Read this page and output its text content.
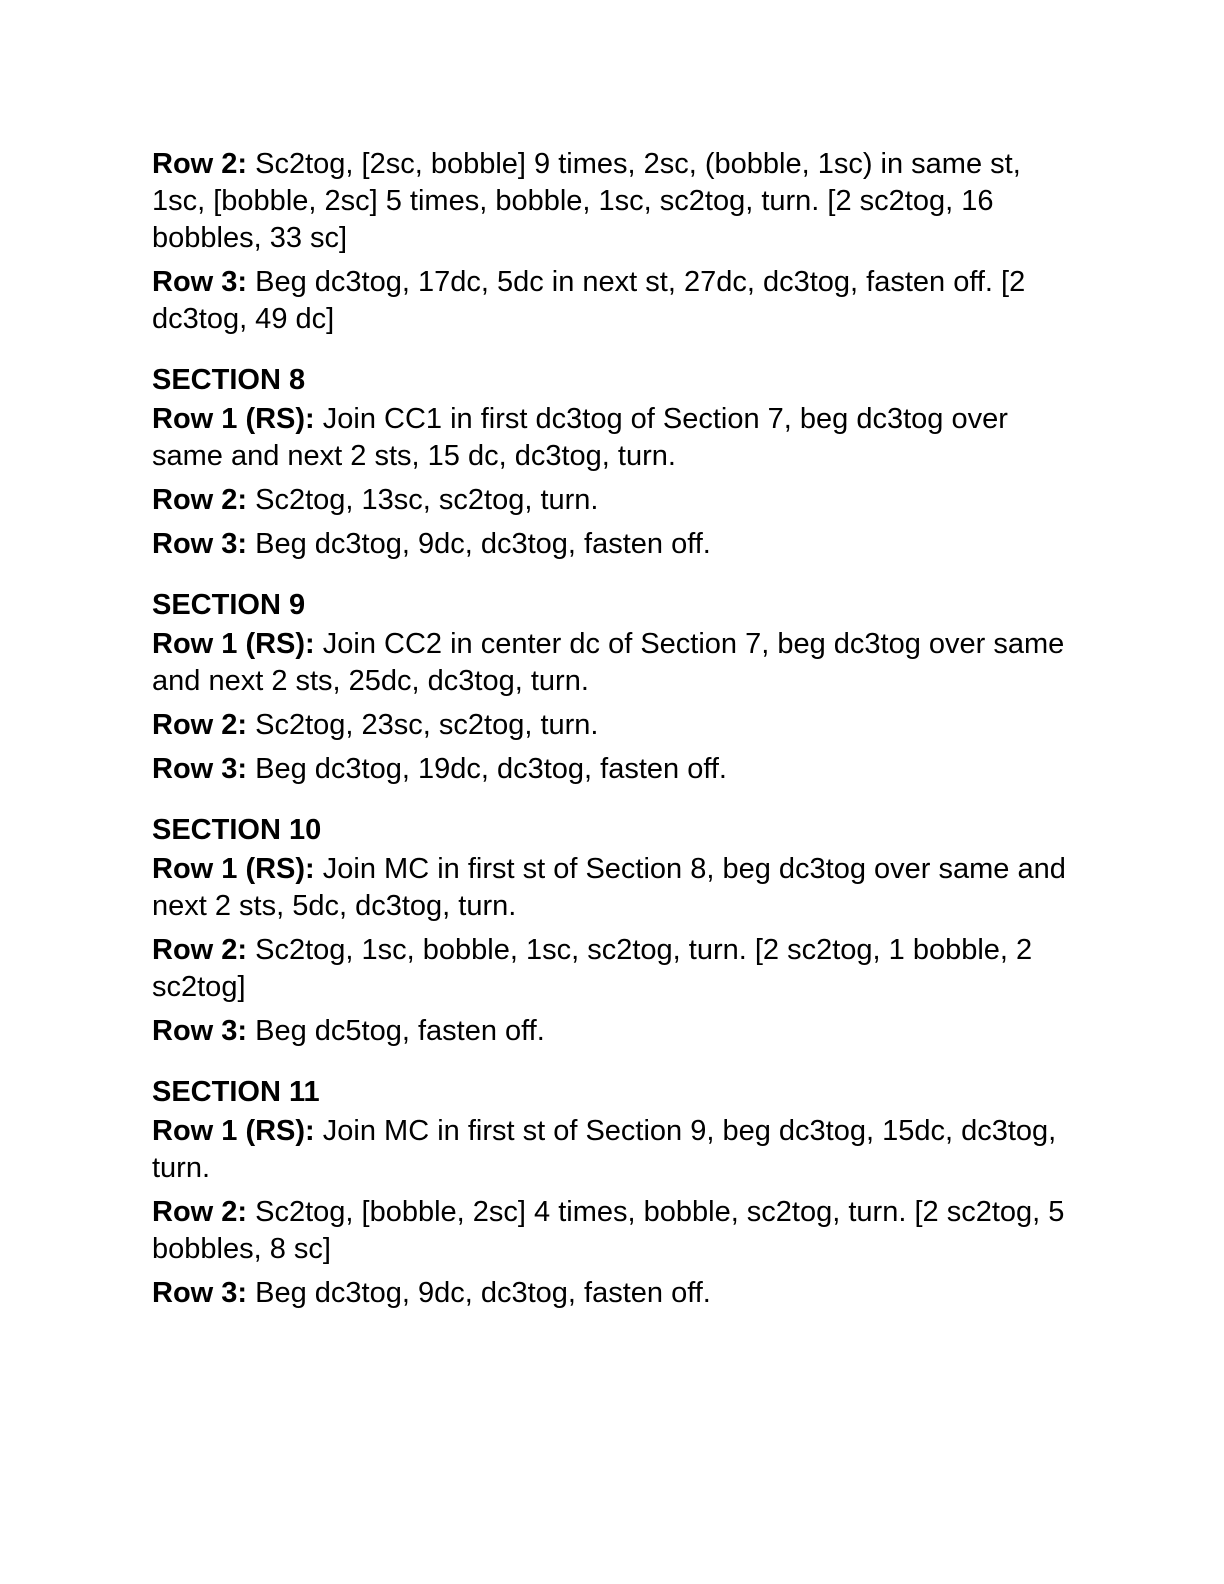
Row 2: Sc2tog, [2sc, bobble] 9 times, 2sc, (bobble, 1sc) in same st, 1sc, [bobble, 2sc] 5 times, bobble, 1sc, sc2tog, turn. [2 sc2tog, 16 bobbles, 33 sc]

Row 3: Beg dc3tog, 17dc, 5dc in next st, 27dc, dc3tog, fasten off. [2 dc3tog, 49 dc]

SECTION 8

Row 1 (RS): Join CC1 in first dc3tog of Section 7, beg dc3tog over same and next 2 sts, 15 dc, dc3tog, turn.

Row 2: Sc2tog, 13sc, sc2tog, turn.

Row 3: Beg dc3tog, 9dc, dc3tog, fasten off.

SECTION 9

Row 1 (RS): Join CC2 in center dc of Section 7, beg dc3tog over same and next 2 sts, 25dc, dc3tog, turn.

Row 2: Sc2tog, 23sc, sc2tog, turn.

Row 3: Beg dc3tog, 19dc, dc3tog, fasten off.

SECTION 10

Row 1 (RS): Join MC in first st of Section 8, beg dc3tog over same and next 2 sts, 5dc, dc3tog, turn.

Row 2: Sc2tog, 1sc, bobble, 1sc, sc2tog, turn. [2 sc2tog, 1 bobble, 2 sc2tog]

Row 3: Beg dc5tog, fasten off.

SECTION 11

Row 1 (RS): Join MC in first st of Section 9, beg dc3tog, 15dc, dc3tog, turn.

Row 2: Sc2tog, [bobble, 2sc] 4 times, bobble, sc2tog, turn. [2 sc2tog, 5 bobbles, 8 sc]

Row 3: Beg dc3tog, 9dc, dc3tog, fasten off.
